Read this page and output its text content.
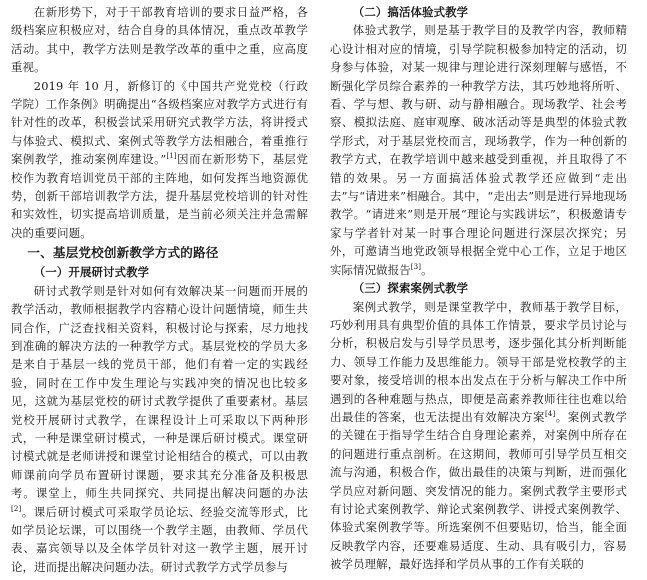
在新形势下，对于干部教育培训的要求日益严格，各级档案应积极应对，结合自身的具体情况，重点改革教学活动。其中，教学方法则是教学改革的重中之重，应高度重视。

2019 年 10 月，新修订的《中国共产党党校（行政学院）工作条例》明确提出“各级档案应对教学方式进行有针对性的改革，积极尝试采用研究式教学方法，将讲授式与体验式、模拟式、案例式等教学方法相融合，着重推行案例教学，推动案例库建设。”[1]因而在新形势下，基层党校作为教育培训党员干部的主阵地，如何发挥当地资源优势，创新干部培训教学方法，提升基层党校培训的针对性和实效性，切实提高培训质量，是当前必须关注并急需解决的重要问题。

一、基层党校创新教学方式的路径
（一）开展研讨式教学

研讨式教学则是针对如何有效解决某一问题而开展的教学活动，教师根据教学内容精心设计问题情境，师生共同合作，广泛查找相关资料，积极讨论与探索，尽力地找到准确的解决方法的一种教学方式。基层党校的学员大多是来自于基层一线的党员干部，他们有着一定的实践经验，同时在工作中发生理论与实践冲突的情况也比较多见，这就为基层党校的研讨式教学提供了重要素材。基层党校开展研讨式教学，在课程设计上可采取以下两种形式，一种是课堂研讨模式，一种是课后研讨模式。课堂研讨模式就是老师讲授和课堂讨论相结合的模式，可以由教师课前向学员布置研讨课题，要求其充分准备及积极思考。课堂上，师生共同探究、共同提出解决问题的办法[2]。课后研讨模式可采取学员论坛、经验交流等形式，比如学员论坛课，可以围绕一个教学主题，由教师、学员代表、嘉宾领导以及全体学员针对这一教学主题，展开讨论，进而提出解决问题办法。研讨式教学方式学员参与

（二）搞活体验式教学

体验式教学，则是基于教学目的及教学内容，教师精心设计相对应的情境，引导学院积极参加特定的活动，切身参与体验，对某一规律与理论进行深刻理解与感悟，不断强化学员综合素养的一种教学方法，其巧妙地将所听、看、学与想、教与研、动与静相融合。现场教学、社会考察、模拟法庭、庭审观摩、破冰活动等是典型的体验式教学形式，对于基层党校而言，现场教学，作为一种创新的教学方式，在教学培训中越来越受到重视，并且取得了不错的效果。另一方面搞活体验式教学还应做到“走出去”与“请进来”相融合。其中，“走出去”则是进行异地现场教学。“请进来”则是开展“理论与实践讲坛”，积极邀请专家与学者针对某一时事合理论问题进行深层次探究；另外，可邀请当地党政领导根据全党中心工作，立足于地区实际情况做报告[3]。

（三）探索案例式教学

案例式教学，则是课堂教学中，教师基于教学目标，巧妙利用具有典型价值的具体工作情景，要求学员讨论与分析，积极启发与引导学员思考，逐步强化其分析判断能力、领导工作能力及思维能力。领导干部是党校教学的主要对象，接受培训的根本出发点在于分析与解决工作中所遇到的各种难题与热点，即便是高素养教师往往也难以给出最佳的答案，也无法提出有效解决方案[4]。案例式教学的关键在于指导学生结合自身理论素养，对案例中所存在的问题进行重点剖析。在这期间，教师可引导学员互相交流与沟通，积极合作，做出最佳的决策与判断，进而强化学员应对新问题、突发情况的能力。案例式教学主要形式有讨论式案例教学、辩论式案例教学、讲授式案例教学、体验式案例教学等。所选案例不但要贴切，恰当，能全面反映教学内容，还要难易适度、生动、具有吸引力，容易被学员理解，最好选择和学员从事的工作有关联的
